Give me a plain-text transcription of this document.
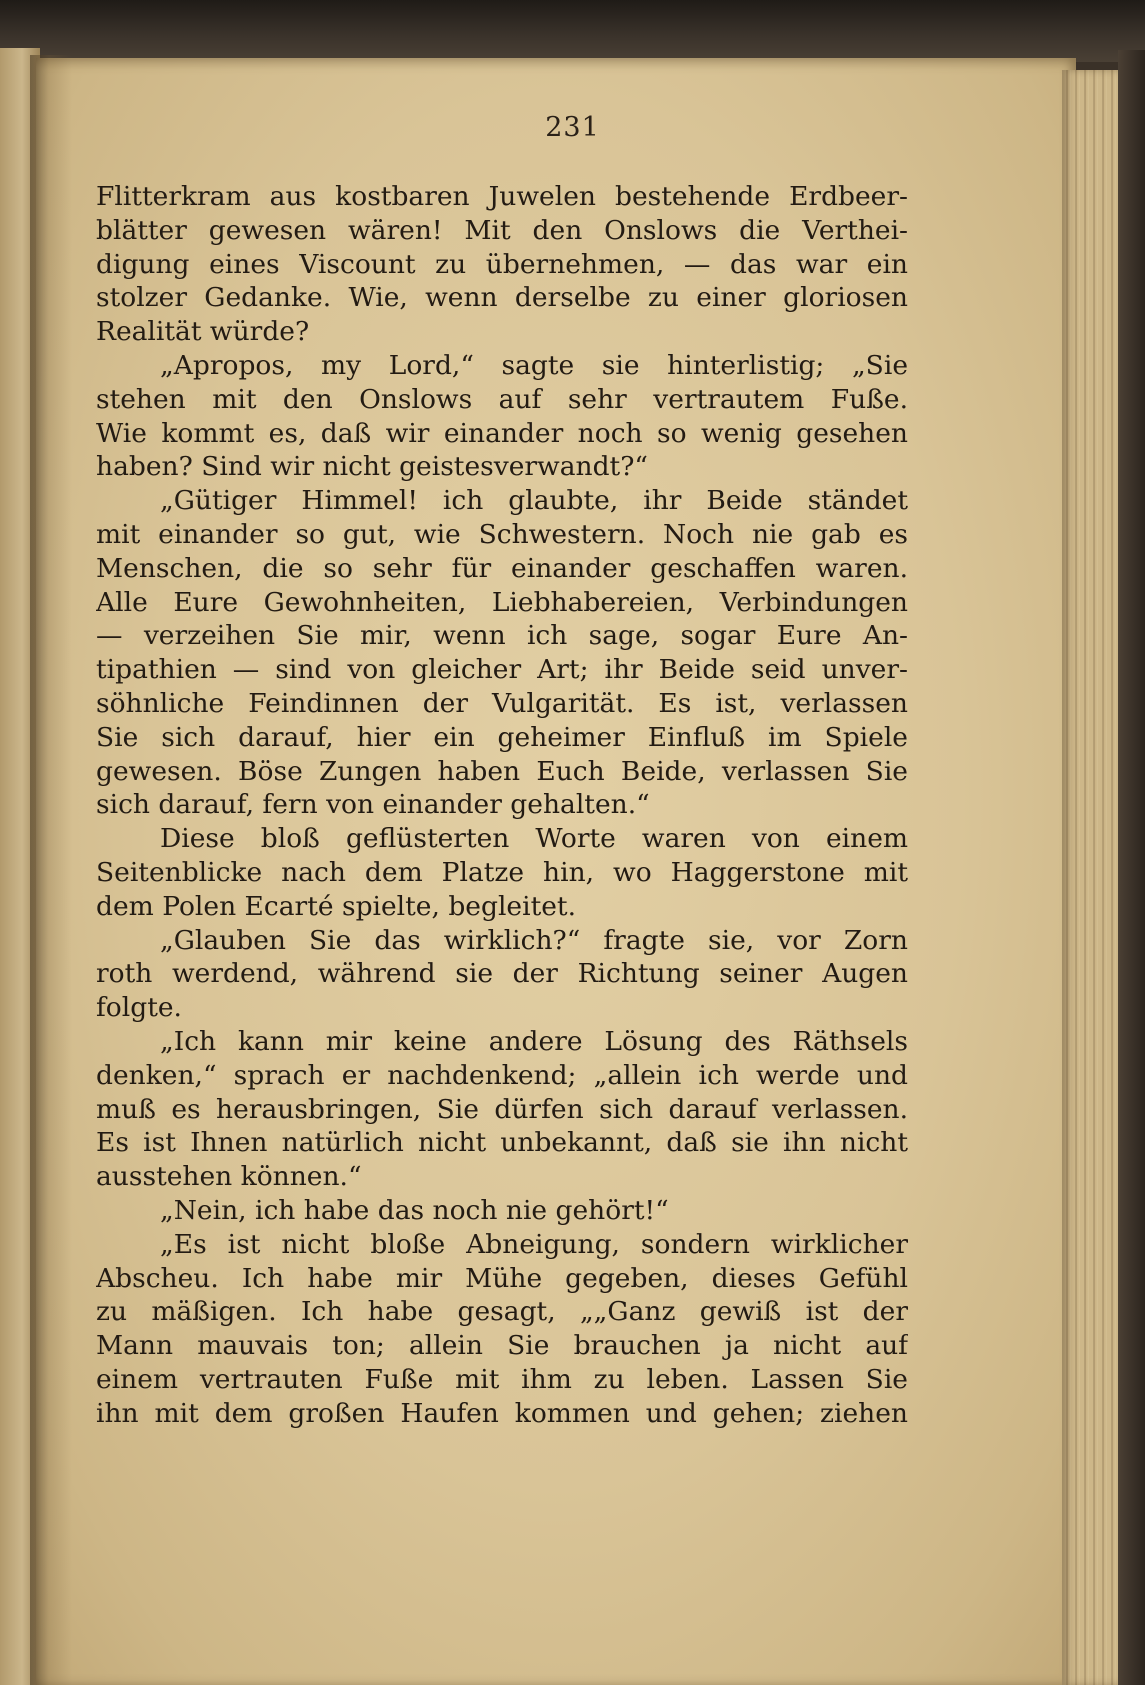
231
Flitterkram aus kostbaren Juwelen bestehende Erdbeer-
blätter gewesen wären! Mit den Onslows die Verthei-
digung eines Viscount zu übernehmen, — das war ein
stolzer Gedanke. Wie, wenn derselbe zu einer gloriosen
Realität würde?
„Apropos, my Lord,“ sagte sie hinterlistig; „Sie
stehen mit den Onslows auf sehr vertrautem Fuße.
Wie kommt es, daß wir einander noch so wenig gesehen
haben? Sind wir nicht geistesverwandt?“
„Gütiger Himmel! ich glaubte, ihr Beide ständet
mit einander so gut, wie Schwestern. Noch nie gab es
Menschen, die so sehr für einander geschaffen waren.
Alle Eure Gewohnheiten, Liebhabereien, Verbindungen
— verzeihen Sie mir, wenn ich sage, sogar Eure An-
tipathien — sind von gleicher Art; ihr Beide seid unver-
söhnliche Feindinnen der Vulgarität. Es ist, verlassen
Sie sich darauf, hier ein geheimer Einfluß im Spiele
gewesen. Böse Zungen haben Euch Beide, verlassen Sie
sich darauf, fern von einander gehalten.“
Diese bloß geflüsterten Worte waren von einem
Seitenblicke nach dem Platze hin, wo Haggerstone mit
dem Polen Ecarté spielte, begleitet.
„Glauben Sie das wirklich?“ fragte sie, vor Zorn
roth werdend, während sie der Richtung seiner Augen
folgte.
„Ich kann mir keine andere Lösung des Räthsels
denken,“ sprach er nachdenkend; „allein ich werde und
muß es herausbringen, Sie dürfen sich darauf verlassen.
Es ist Ihnen natürlich nicht unbekannt, daß sie ihn nicht
ausstehen können.“
„Nein, ich habe das noch nie gehört!“
„Es ist nicht bloße Abneigung, sondern wirklicher
Abscheu. Ich habe mir Mühe gegeben, dieses Gefühl
zu mäßigen. Ich habe gesagt, „„Ganz gewiß ist der
Mann mauvais ton; allein Sie brauchen ja nicht auf
einem vertrauten Fuße mit ihm zu leben. Lassen Sie
ihn mit dem großen Haufen kommen und gehen; ziehen
